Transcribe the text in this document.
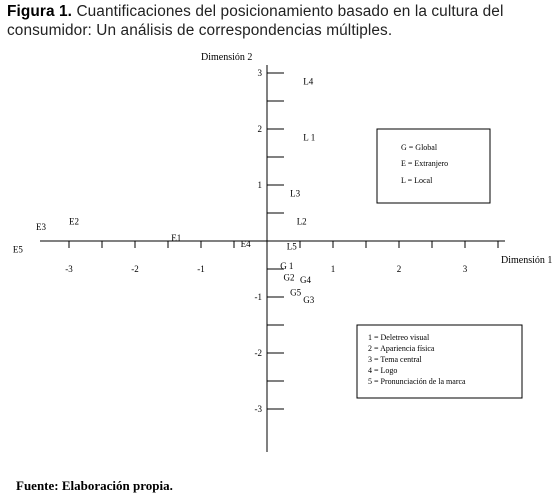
Figura 1. Cuantificaciones del posicionamiento basado en la cultura del consumidor: Un análisis de correspondencias múltiples.
-3	-2	-1	1	2	3
-3
-2
-1
1
2
3
L4
L 1
L3
L2
L5
E3
E2
E1
E4
E5
G 1
G2 G4
G5
G3
Dimensión 1
Dimensión 2
G = Global
E = Extranjero
L = Local
1 = Deletreo visual
2 = Apariencia física
3 = Tema central
4 = Logo
5 = Pronunciación de la marca
Fuente: Elaboración propia.
